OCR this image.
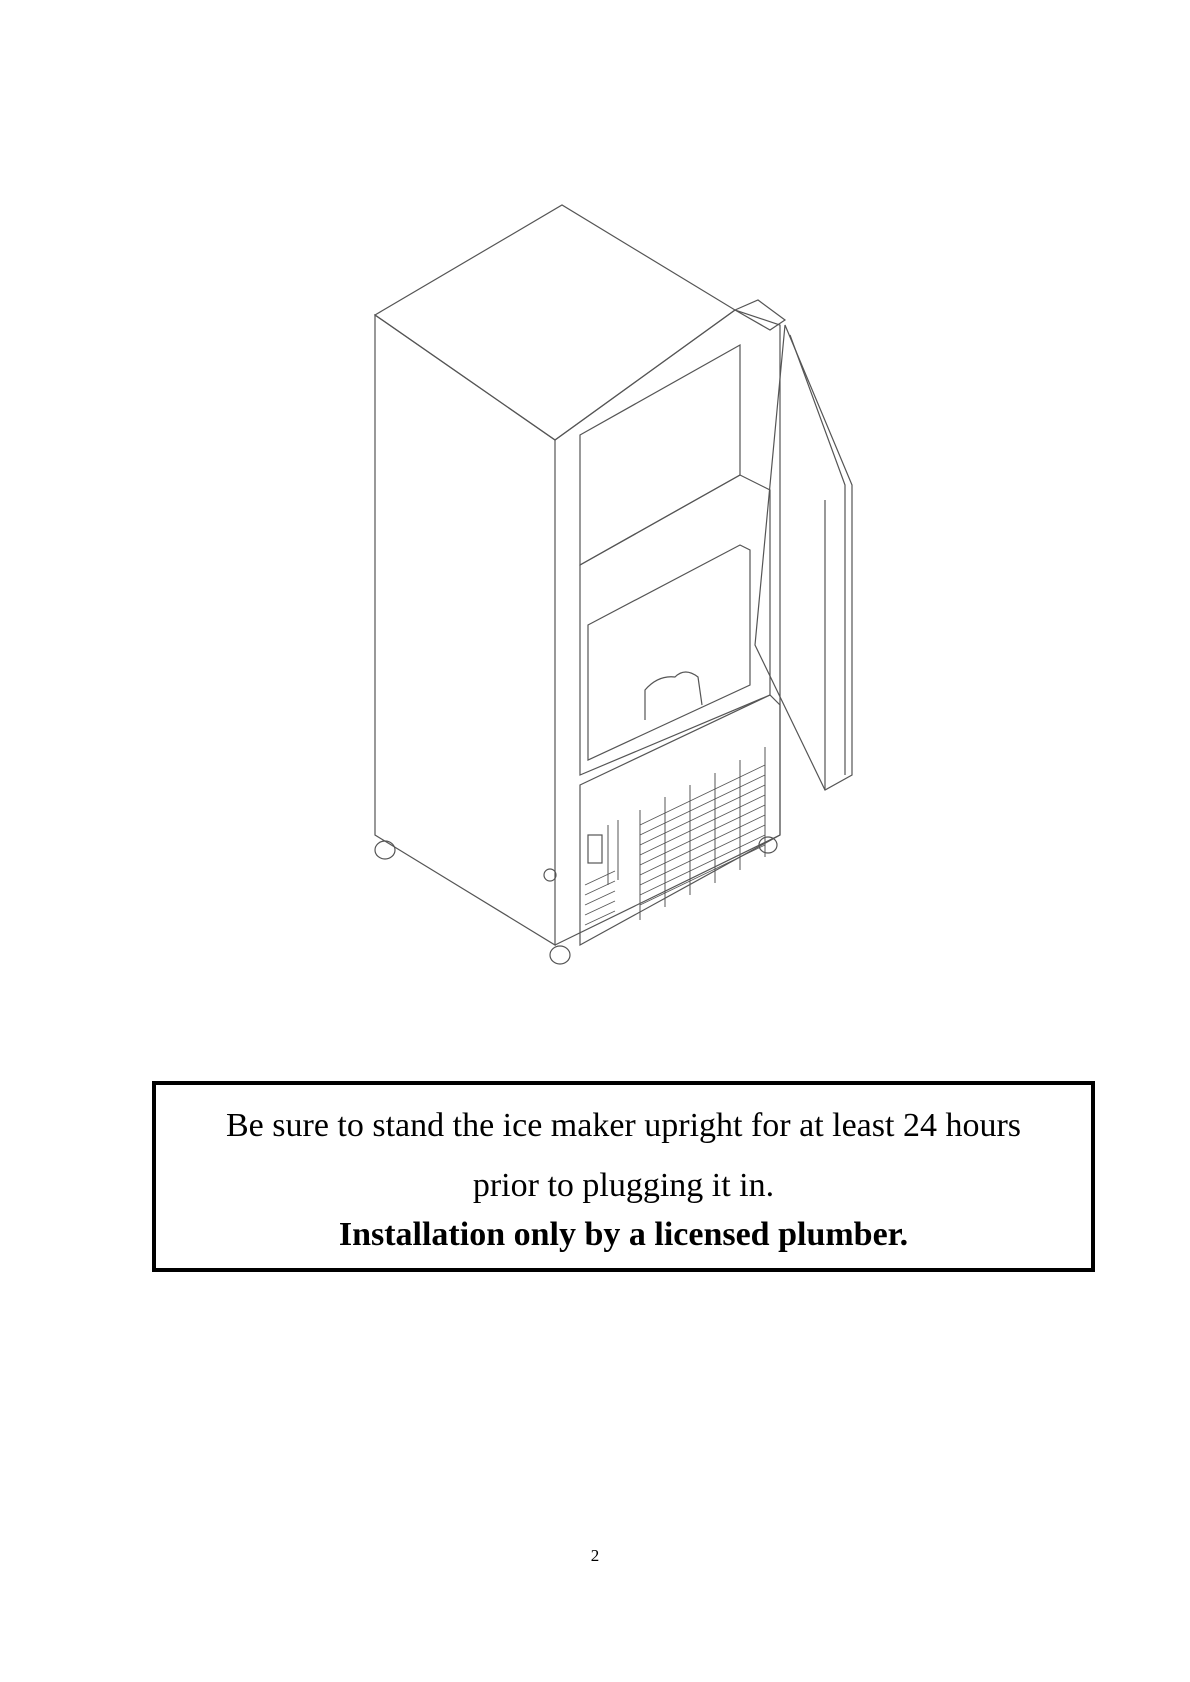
Be sure to stand the ice maker upright for at least 24 hours
prior to plugging it in.
Installation only by a licensed plumber.
2
